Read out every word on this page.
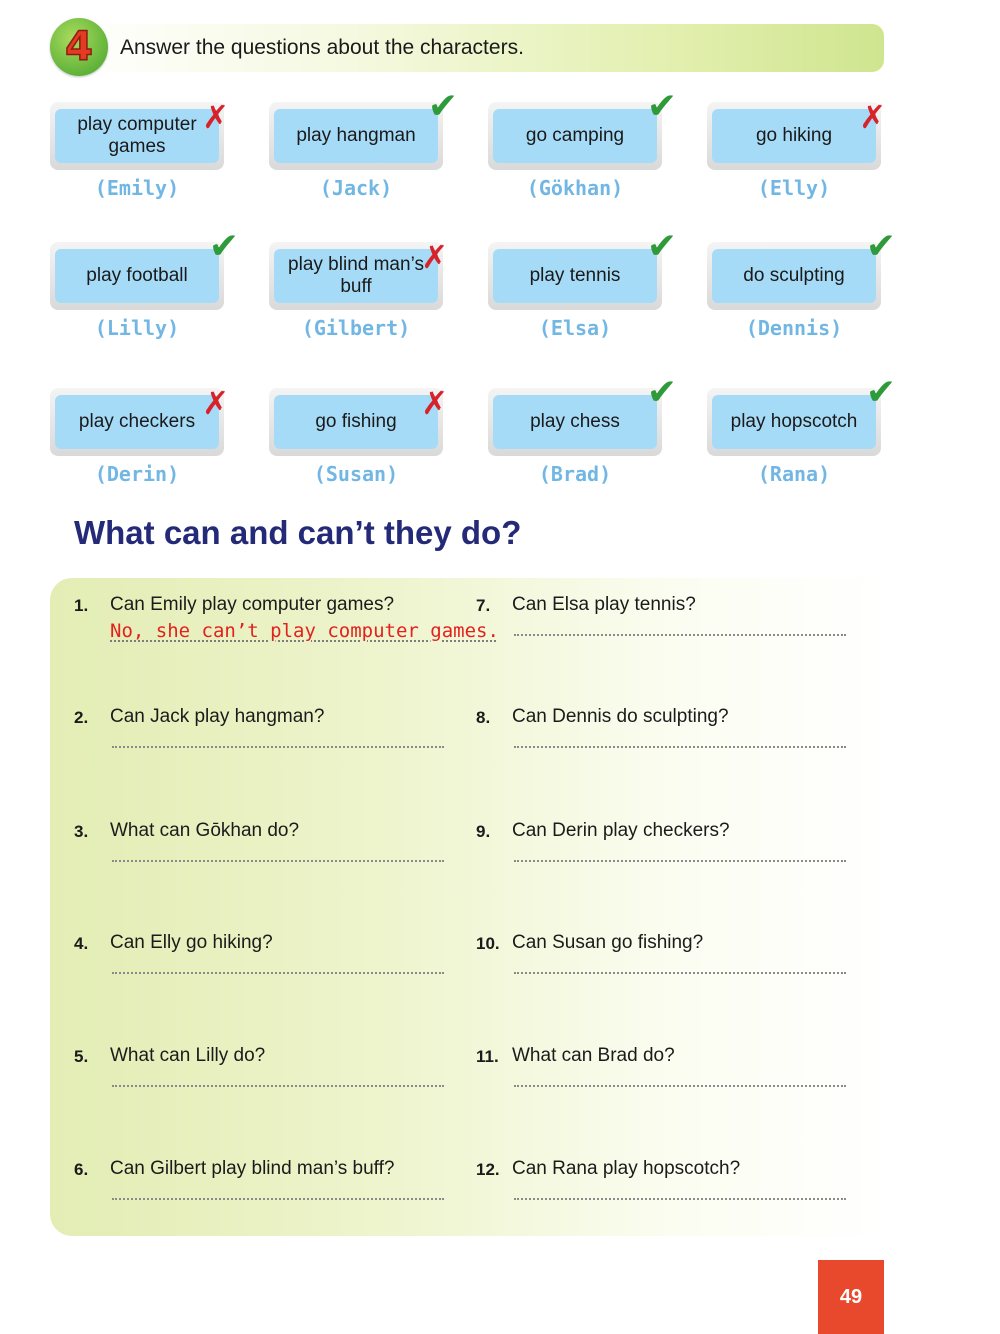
4	Answer the questions about the characters.
play computer games
✗
(Emily)
play hangman
✔
(Jack)
go camping
✔
(Gökhan)
go hiking ✗
(Elly)
play football
✔
(Lilly)
play blind man’s buff
✗
(Gilbert)
play tennis
✔
(Elsa)
do sculpting
✔
(Dennis)
play checkers ✗
(Derin)
go fishing ✗
(Susan)
play chess
✔
(Brad)
play hopscotch
✔
(Rana)
What can and can’t they do?
1. Can Emily play computer games?
No, she can’t play computer games.
2. Can Jack play hangman?
3. What can Gōkhan do?
4. Can Elly go hiking?
5. What can Lilly do?
6. Can Gilbert play blind man’s buff?
7. Can Elsa play tennis?
8. Can Dennis do sculpting?
9. Can Derin play checkers?
10. Can Susan go fishing?
11. What can Brad do?
12. Can Rana play hopscotch?
49
